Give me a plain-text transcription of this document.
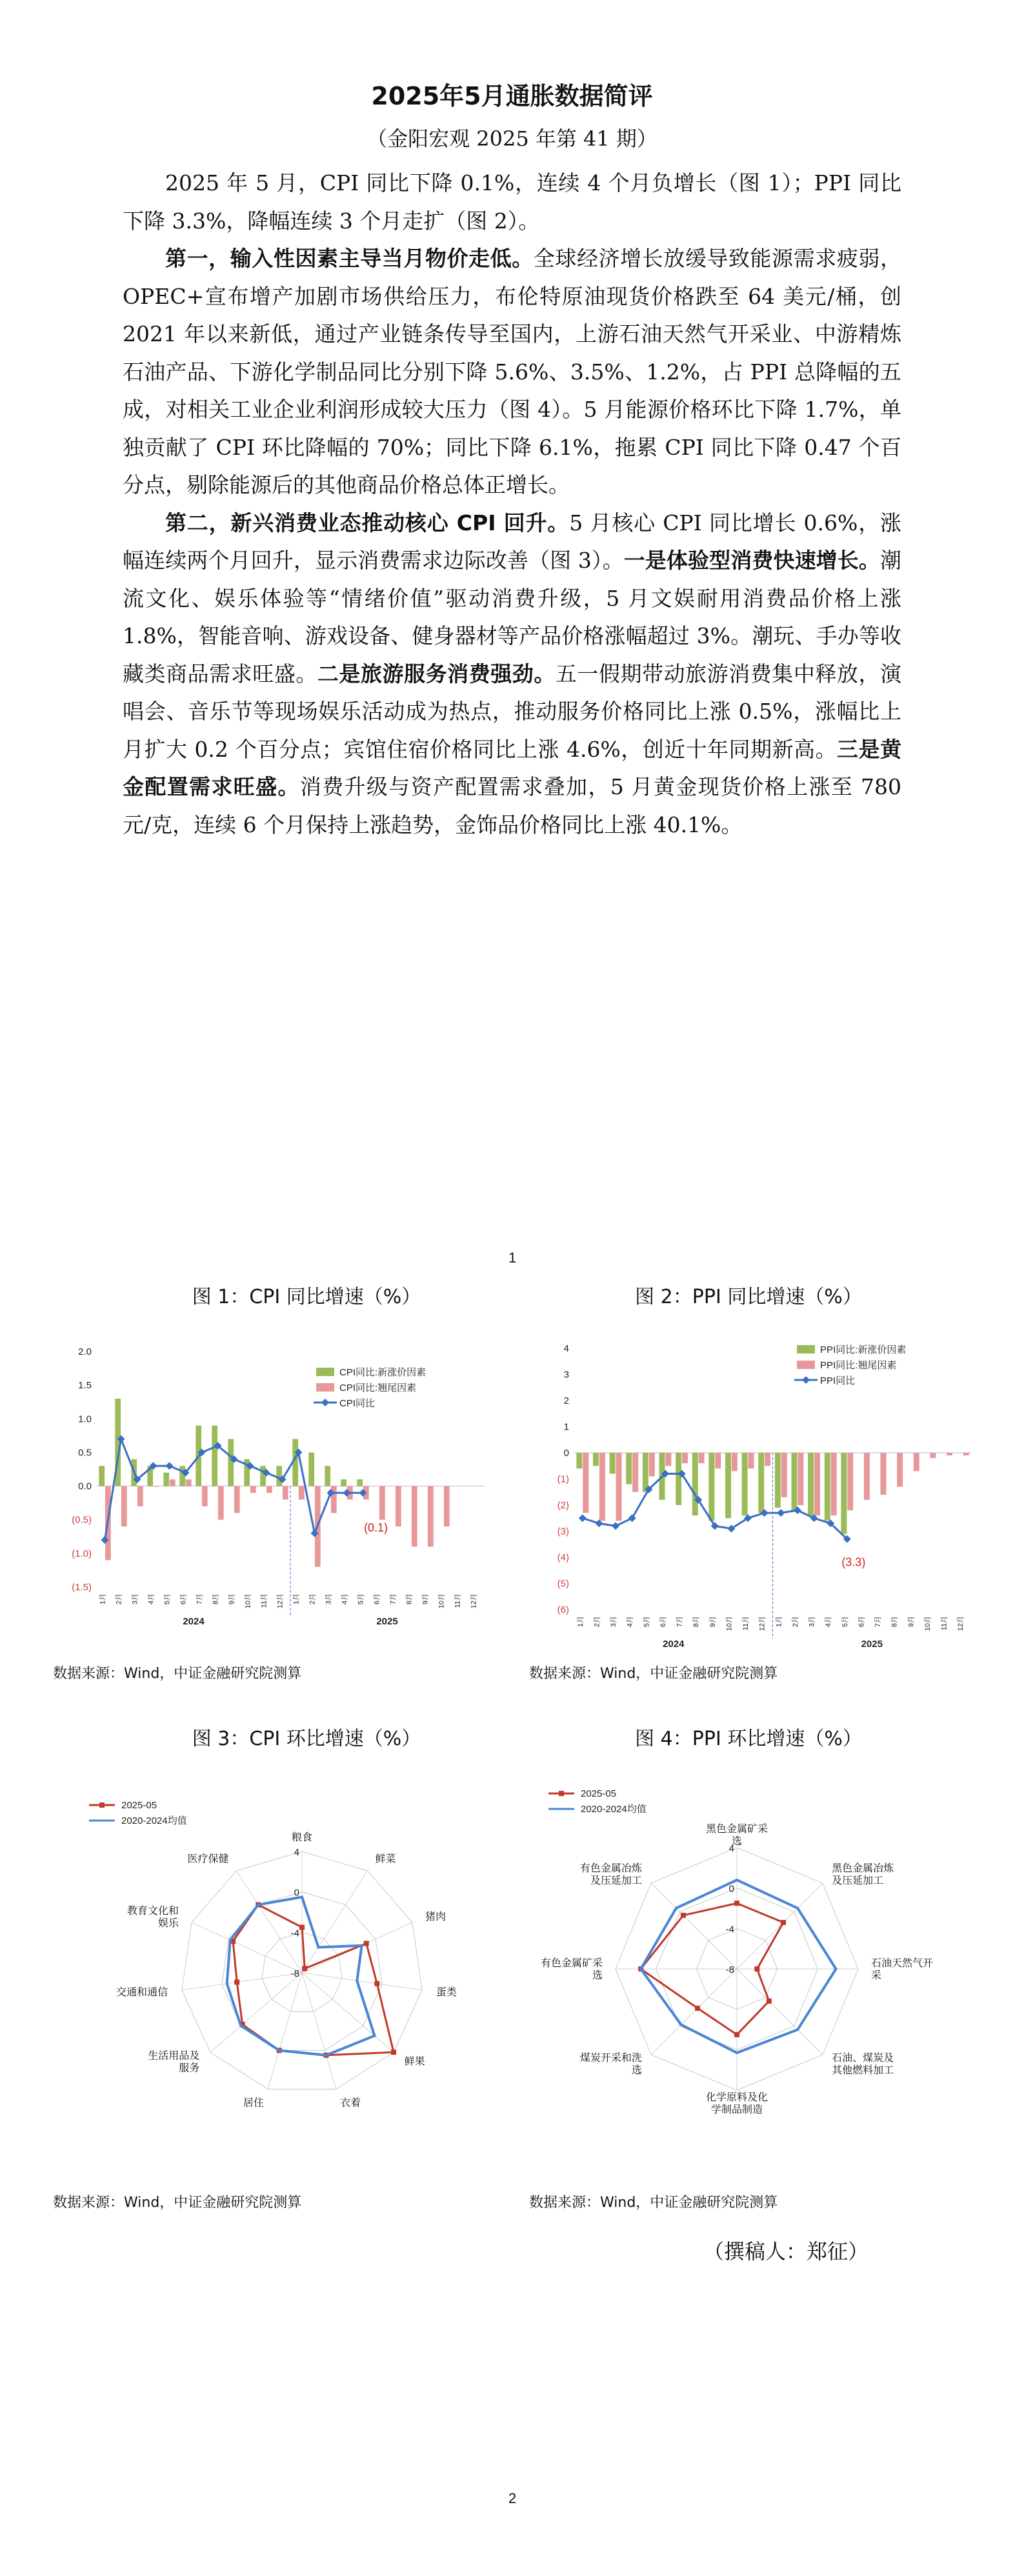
2025年5月通胀数据简评
（金阳宏观 2025 年第 41 期）

2025 年 5 月，CPI 同比下降 0.1%，连续 4 个月负增长（图 1）；PPI 同比下降 3.3%，降幅连续 3 个月走扩（图 2）。

第一，输入性因素主导当月物价走低。全球经济增长放缓导致能源需求疲弱，OPEC+宣布增产加剧市场供给压力，布伦特原油现货价格跌至 64 美元/桶，创 2021 年以来新低，通过产业链条传导至国内，上游石油天然气开采业、中游精炼石油产品、下游化学制品同比分别下降 5.6%、3.5%、1.2%，占 PPI 总降幅的五成，对相关工业企业利润形成较大压力（图 4）。5 月能源价格环比下降 1.7%，单独贡献了 CPI 环比降幅的 70%；同比下降 6.1%，拖累 CPI 同比下降 0.47 个百分点，剔除能源后的其他商品价格总体正增长。

第二，新兴消费业态推动核心 CPI 回升。5 月核心 CPI 同比增长 0.6%，涨幅连续两个月回升，显示消费需求边际改善（图 3）。一是体验型消费快速增长。潮流文化、娱乐体验等“情绪价值”驱动消费升级，5 月文娱耐用消费品价格上涨 1.8%，智能音响、游戏设备、健身器材等产品价格涨幅超过 3%。潮玩、手办等收藏类商品需求旺盛。二是旅游服务消费强劲。五一假期带动旅游消费集中释放，演唱会、音乐节等现场娱乐活动成为热点，推动服务价格同比上涨 0.5%，涨幅比上月扩大 0.2 个百分点；宾馆住宿价格同比上涨 4.6%，创近十年同期新高。三是黄金配置需求旺盛。消费升级与资产配置需求叠加，5 月黄金现货价格上涨至 780 元/克，连续 6 个月保持上涨趋势，金饰品价格同比上涨 40.1%。

1
图 1：CPI 同比增速（%）	图 2：PPI 同比增速（%）
2.0
1.5
1.0
0.5
0.0
(0.5)
(1.0)
(1.5)
(0.1)
1月 2月 3月 4月 5月 6月 7月 8月 9月 10月 11月 12月 1月 2月 3月 4月 5月 6月 7月 8月 9月 10月 11月 12月
2024	2025
CPI同比:新涨价因素
CPI同比:翘尾因素
CPI同比
4
3
2
1
0
(1)
(2)
(3)
(4)
(5)
(6)
(3.3)
1月 2月 3月 4月 5月 6月 7月 8月 9月 10月 11月 12月 1月 2月 3月 4月 5月 6月 7月 8月 9月 10月 11月 12月
2024	2025
PPI同比:新涨价因素
PPI同比:翘尾因素
PPI同比
数据来源：Wind，中证金融研究院测算	数据来源：Wind，中证金融研究院测算
图 3：CPI 环比增速（%）	图 4：PPI 环比增速（%）
4
0
-4
-8
粮食
鲜菜
猪肉
蛋类
鲜果
衣着
居住
生活用品及服务
交通和通信
教育文化和娱乐
医疗保健
2025-05
2020-2024均值
4
0
-4
-8
黑色金属矿采选
黑色金属冶炼及压延加工
石油天然气开采
石油、煤炭及其他燃料加工
化学原料及化学制品制造
煤炭开采和洗选
有色金属矿采选
有色金属冶炼及压延加工
2025-05
2020-2024均值
数据来源：Wind，中证金融研究院测算	数据来源：Wind，中证金融研究院测算
（撰稿人：郑征）
2
